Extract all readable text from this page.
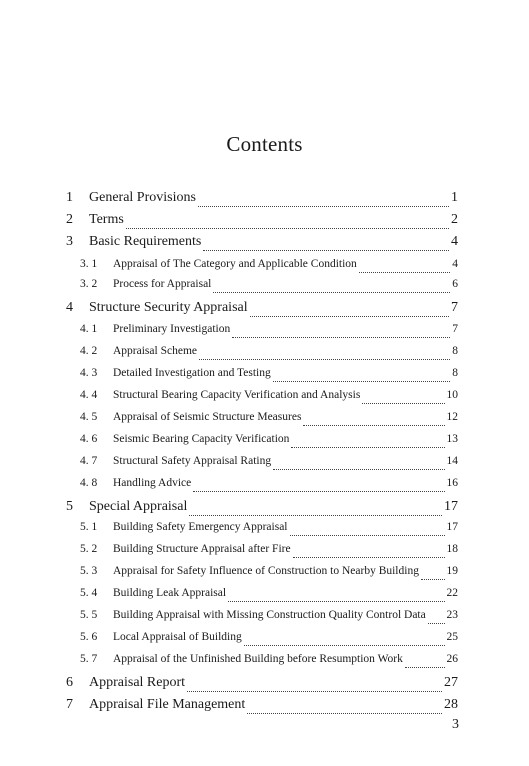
Contents
1	General Provisions	1
2	Terms	2
3	Basic Requirements	4
3. 1	Appraisal of The Category and Applicable Condition	4
3. 2	Process for Appraisal	6
4	Structure Security Appraisal	7
4. 1	Preliminary Investigation	7
4. 2	Appraisal Scheme	8
4. 3	Detailed Investigation and Testing	8
4. 4	Structural Bearing Capacity Verification and Analysis	10
4. 5	Appraisal of Seismic Structure Measures	12
4. 6	Seismic Bearing Capacity Verification	13
4. 7	Structural Safety Appraisal Rating	14
4. 8	Handling Advice	16
5	Special Appraisal	17
5. 1	Building Safety Emergency Appraisal	17
5. 2	Building Structure Appraisal after Fire	18
5. 3	Appraisal for Safety Influence of Construction to Nearby Building 19
5. 4	Building Leak Appraisal	22
5. 5	Building Appraisal with Missing Construction Quality Control Data 23
5. 6	Local Appraisal of Building	25
5. 7	Appraisal of the Unfinished Building before Resumption Work	26
6	Appraisal Report	27
7	Appraisal File Management	28
3
